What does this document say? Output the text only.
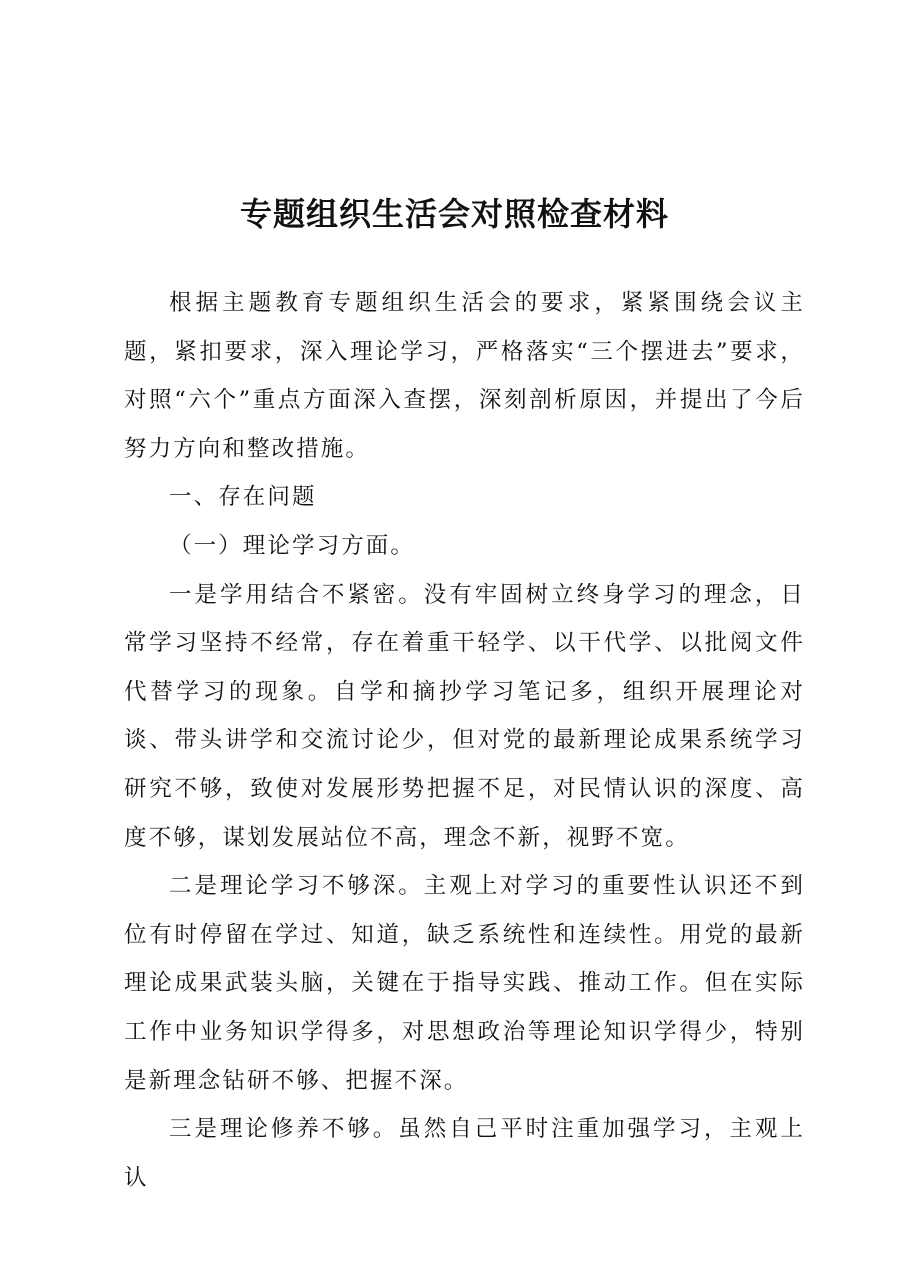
专题组织生活会对照检查材料

根据主题教育专题组织生活会的要求，紧紧围绕会议主题，紧扣要求，深入理论学习，严格落实“三个摆进去”要求，对照“六个”重点方面深入查摆，深刻剖析原因，并提出了今后努力方向和整改措施。

一、存在问题

（一）理论学习方面。

一是学用结合不紧密。没有牢固树立终身学习的理念，日常学习坚持不经常，存在着重干轻学、以干代学、以批阅文件代替学习的现象。自学和摘抄学习笔记多，组织开展理论对谈、带头讲学和交流讨论少，但对党的最新理论成果系统学习研究不够，致使对发展形势把握不足，对民情认识的深度、高度不够，谋划发展站位不高，理念不新，视野不宽。

二是理论学习不够深。主观上对学习的重要性认识还不到位有时停留在学过、知道，缺乏系统性和连续性。用党的最新理论成果武装头脑，关键在于指导实践、推动工作。但在实际工作中业务知识学得多，对思想政治等理论知识学得少，特别是新理念钻研不够、把握不深。

三是理论修养不够。虽然自己平时注重加强学习，主观上认
